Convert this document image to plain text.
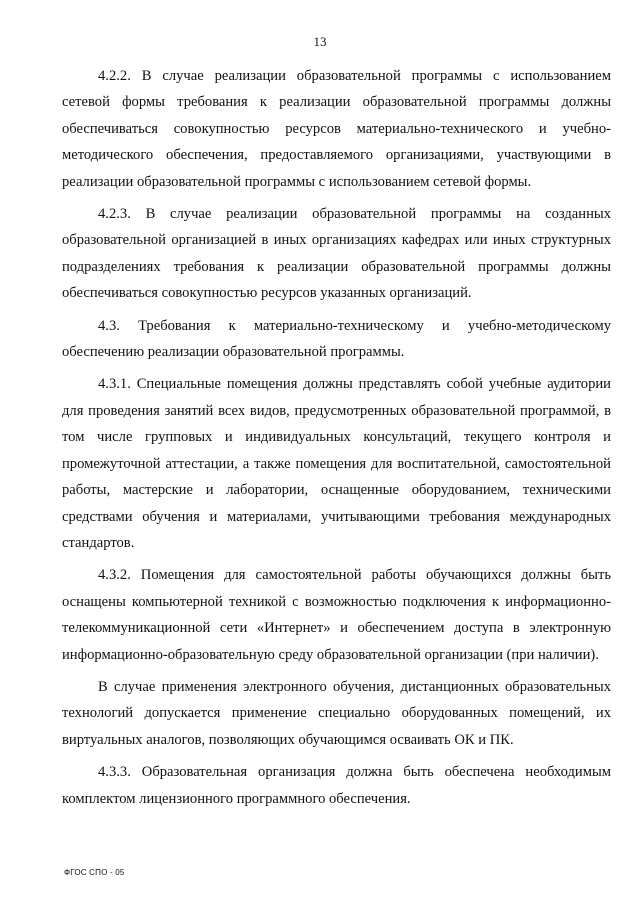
13

4.2.2. В случае реализации образовательной программы с использованием сетевой формы требования к реализации образовательной программы должны обеспечиваться совокупностью ресурсов материально-технического и учебно-методического обеспечения, предоставляемого организациями, участвующими в реализации образовательной программы с использованием сетевой формы.

4.2.3. В случае реализации образовательной программы на созданных образовательной организацией в иных организациях кафедрах или иных структурных подразделениях требования к реализации образовательной программы должны обеспечиваться совокупностью ресурсов указанных организаций.

4.3. Требования к материально-техническому и учебно-методическому обеспечению реализации образовательной программы.

4.3.1. Специальные помещения должны представлять собой учебные аудитории для проведения занятий всех видов, предусмотренных образовательной программой, в том числе групповых и индивидуальных консультаций, текущего контроля и промежуточной аттестации, а также помещения для воспитательной, самостоятельной работы, мастерские и лаборатории, оснащенные оборудованием, техническими средствами обучения и материалами, учитывающими требования международных стандартов.

4.3.2. Помещения для самостоятельной работы обучающихся должны быть оснащены компьютерной техникой с возможностью подключения к информационно-телекоммуникационной сети «Интернет» и обеспечением доступа в электронную информационно-образовательную среду образовательной организации (при наличии).

В случае применения электронного обучения, дистанционных образовательных технологий допускается применение специально оборудованных помещений, их виртуальных аналогов, позволяющих обучающимся осваивать ОК и ПК.

4.3.3. Образовательная организация должна быть обеспечена необходимым комплектом лицензионного программного обеспечения.

ФГОС СПО - 05
